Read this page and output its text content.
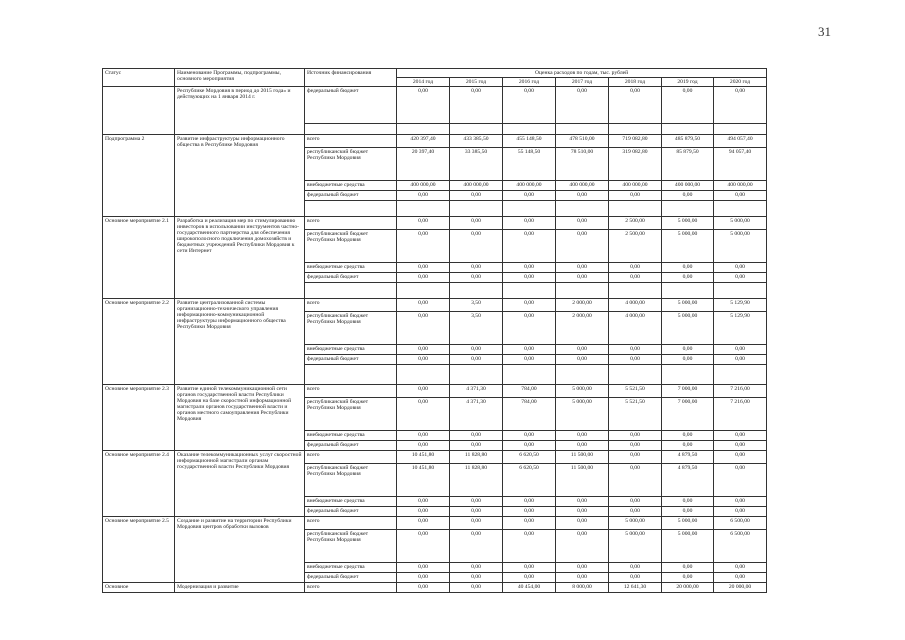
31
Статус	Наименование Программы, подпрограммы, основного мероприятия	Источник финансирования	Оценка расходов по годам, тыс. рублей						
			2014 год	2015 год	2016 год	2017 год	2018 год	2019 год	2020 год
	Республике Мордовия в период до 2015 года» и действующих на 1 января 2014 г.	федеральный бюджет	0,00	0,00	0,00	0,00	0,00	0,00	0,00

Подпрограмма 2	Развитие инфраструктуры информационного общества в Республике Мордовия	всего	420 397,40	433 385,50	455 148,50	478 510,00	719 082,80	485 879,50	494 057,40
		республиканский бюджет Республики Мордовия	20 397,40	33 385,50	55 148,50	78 510,00	319 082,80	85 879,50	94 057,40
		внебюджетные средства	400 000,00	400 000,00	400 000,00	400 000,00	400 000,00	400 000,00	400 000,00
		федеральный бюджет	0,00	0,00	0,00	0,00	0,00	0,00	0,00

Основное мероприятие 2.1	Разработка и реализация мер по стимулированию инвесторов в использовании инструментов частно-государственного партнерства для обеспечения широкополосного подключения домохозяйств и бюджетных учреждений Республики Мордовия к сети Интернет	всего	0,00	0,00	0,00	0,00	2 500,00	5 000,00	5 000,00
		республиканский бюджет Республики Мордовия	0,00	0,00	0,00	0,00	2 500,00	5 000,00	5 000,00
		внебюджетные средства	0,00	0,00	0,00	0,00	0,00	0,00	0,00
		федеральный бюджет	0,00	0,00	0,00	0,00	0,00	0,00	0,00

Основное мероприятие 2.2	Развитие централизованной системы организационно-технического управления информационно-коммуникационной инфраструктуры информационного общества Республики Мордовия	всего	0,00	3,50	0,00	2 000,00	4 000,00	5 000,00	5 129,90
		республиканский бюджет Республики Мордовия	0,00	3,50	0,00	2 000,00	4 000,00	5 000,00	5 129,90
		внебюджетные средства	0,00	0,00	0,00	0,00	0,00	0,00	0,00
		федеральный бюджет	0,00	0,00	0,00	0,00	0,00	0,00	0,00

Основное мероприятие 2.3	Развитие единой телекоммуникационной сети органов государственной власти Республики Мордовия на базе скоростной информационной магистрали органов государственной власти и органов местного самоуправления Республики Мордовия	всего	0,00	4 371,30	784,00	5 000,00	5 521,50	7 000,00	7 216,00
		республиканский бюджет Республики Мордовия	0,00	4 371,30	784,00	5 000,00	5 521,50	7 000,00	7 216,00
		внебюджетные средства	0,00	0,00	0,00	0,00	0,00	0,00	0,00
		федеральный бюджет	0,00	0,00	0,00	0,00	0,00	0,00	0,00
Основное мероприятие 2.4	Оказание телекоммуникационных услуг скоростной информационной магистрали органам государственной власти Республики Мордовия	всего	10 451,80	11 828,80	6 620,50	11 500,00	0,00	4 879,50	0,00
		республиканский бюджет Республики Мордовия	10 451,80	11 828,80	6 620,50	11 500,00	0,00	4 879,50	0,00
		внебюджетные средства	0,00	0,00	0,00	0,00	0,00	0,00	0,00
		федеральный бюджет	0,00	0,00	0,00	0,00	0,00	0,00	0,00
Основное мероприятие 2.5	Создание и развитие на территории Республики Мордовия центров обработки вызовов	всего	0,00	0,00	0,00	0,00	5 000,00	5 000,00	6 500,00
		республиканский бюджет Республики Мордовия	0,00	0,00	0,00	0,00	5 000,00	5 000,00	6 500,00
		внебюджетные средства	0,00	0,00	0,00	0,00	0,00	0,00	0,00
		федеральный бюджет	0,00	0,00	0,00	0,00	0,00	0,00	0,00
Основное	Модернизация и развитие	всего	0,00	0,00	40 454,00	8 000,00	12 641,30	20 000,00	20 000,00
